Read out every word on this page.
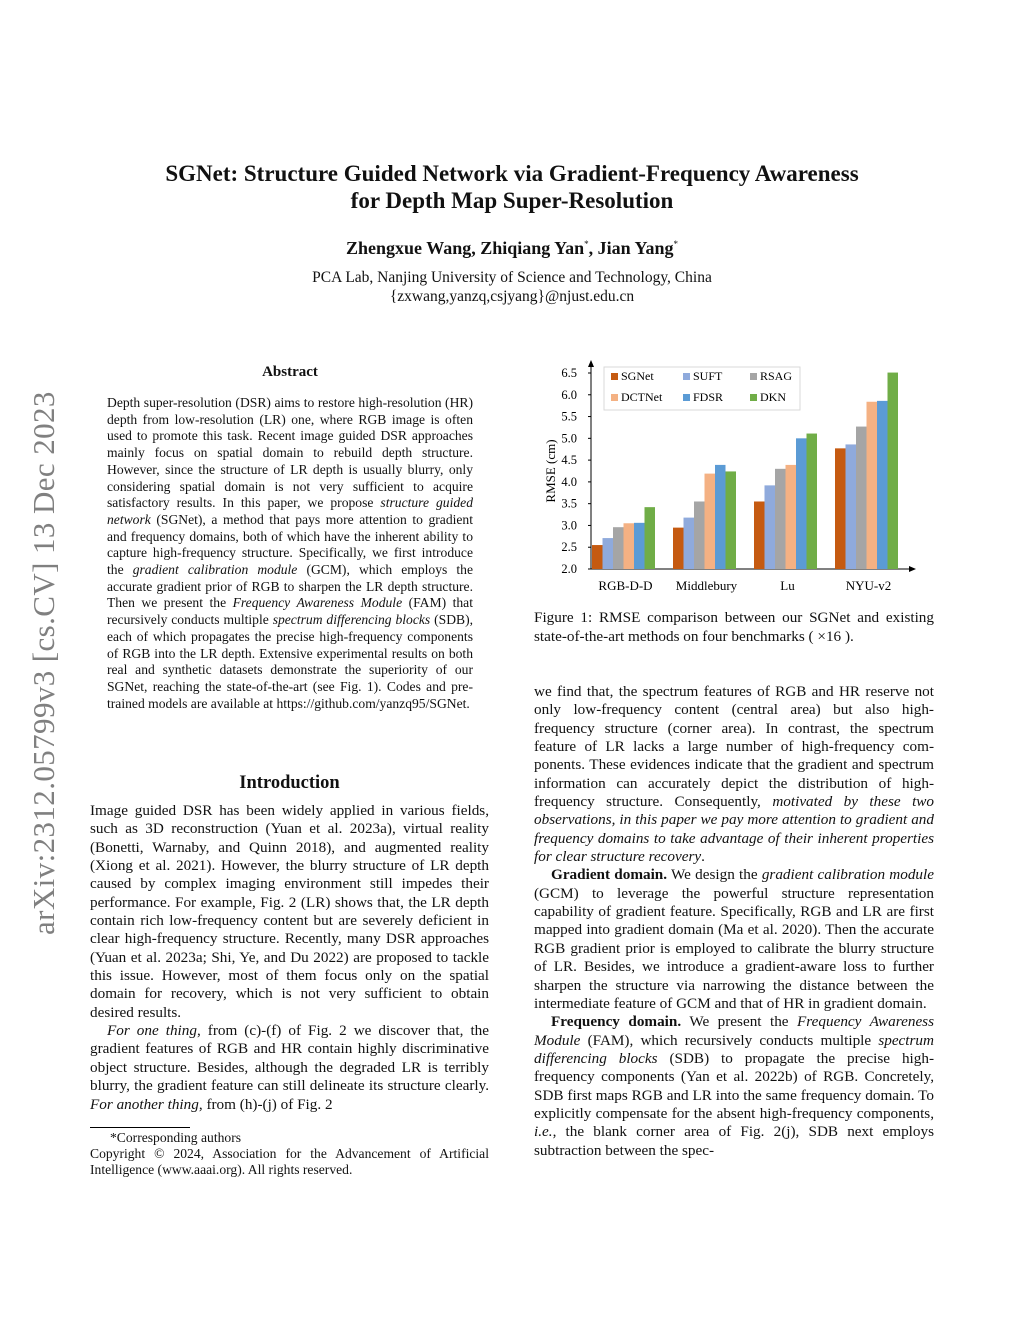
arXiv:2312.05799v3 [cs.CV] 13 Dec 2023
SGNet: Structure Guided Network via Gradient-Frequency Awareness
for Depth Map Super-Resolution
Zhengxue Wang, Zhiqiang Yan*, Jian Yang*
PCA Lab, Nanjing University of Science and Technology, China
{zxwang,yanzq,csjyang}@njust.edu.cn
Abstract
Depth super-resolution (DSR) aims to restore high-resolution (HR) depth from low-resolution (LR) one, where RGB image is often used to promote this task. Recent image guided DSR approaches mainly focus on spatial domain to rebuild depth structure. However, since the structure of LR depth is usually blurry, only considering spatial domain is not very sufficient to acquire satisfactory results. In this paper, we propose structure guided network (SGNet), a method that pays more attention to gradient and frequency domains, both of which have the inherent ability to capture high-frequency structure. Specifically, we first introduce the gradient calibration module (GCM), which employs the accurate gradient prior of RGB to sharpen the LR depth structure. Then we present the Frequency Awareness Module (FAM) that recursively conducts multiple spectrum differencing blocks (SDB), each of which propagates the precise high-frequency components of RGB into the LR depth. Extensive experimental results on both real and synthetic datasets demonstrate the superiority of our SGNet, reaching the state-of-the-art (see Fig. 1). Codes and pre-trained models are available at https://github.com/yanzq95/SGNet.
Introduction

Image guided DSR has been widely applied in various fields, such as 3D reconstruction (Yuan et al. 2023a), virtual reality (Bonetti, Warnaby, and Quinn 2018), and augmented reality (Xiong et al. 2021). However, the blurry structure of LR depth caused by complex imaging environment still impedes their performance. For example, Fig. 2 (LR) shows that, the LR depth contain rich low-frequency content but are severely deficient in clear high-frequency structure. Recently, many DSR approaches (Yuan et al. 2023a; Shi, Ye, and Du 2022) are proposed to tackle this issue. However, most of them focus only on the spatial domain for recovery, which is not very sufficient to obtain desired results.

For one thing, from (c)-(f) of Fig. 2 we discover that, the gradient features of RGB and HR contain highly discriminative object structure. Besides, although the degraded LR is terribly blurry, the gradient feature can still delineate its structure clearly. For another thing, from (h)-(j) of Fig. 2

*Corresponding authors
Copyright © 2024, Association for the Advancement of Artificial Intelligence (www.aaai.org). All rights reserved.
2.0
2.5
3.0
3.5
4.0
4.5
5.0
5.5
6.0
6.5
RMSE (cm)
RGB-D-D Middlebury	Lu	NYU-v2
SGNet	SUFT	RSAG
DCTNet	FDSR	DKN
Figure 1: RMSE comparison between our SGNet and existing state-of-the-art methods on four benchmarks ( ×16 ).

we find that, the spectrum features of RGB and HR reserve not only low-frequency content (central area) but also high-frequency structure (corner area). In contrast, the spectrum feature of LR lacks a large number of high-frequency components. These evidences indicate that the gradient and spectrum information can accurately depict the distribution of high-frequency structure. Consequently, motivated by these two observations, in this paper we pay more attention to gradient and frequency domains to take advantage of their inherent properties for clear structure recovery.

Gradient domain. We design the gradient calibration module (GCM) to leverage the powerful structure representation capability of gradient feature. Specifically, RGB and LR are first mapped into gradient domain (Ma et al. 2020). Then the accurate RGB gradient prior is employed to calibrate the blurry structure of LR. Besides, we introduce a gradient-aware loss to further sharpen the structure via narrowing the distance between the intermediate feature of GCM and that of HR in gradient domain.

Frequency domain. We present the Frequency Awareness Module (FAM), which recursively conducts multiple spectrum differencing blocks (SDB) to propagate the precise high-frequency components (Yan et al. 2022b) of RGB. Concretely, SDB first maps RGB and LR into the same frequency domain. To explicitly compensate for the absent high-frequency components, i.e., the blank corner area of Fig. 2(j), SDB next employs subtraction between the spec-
